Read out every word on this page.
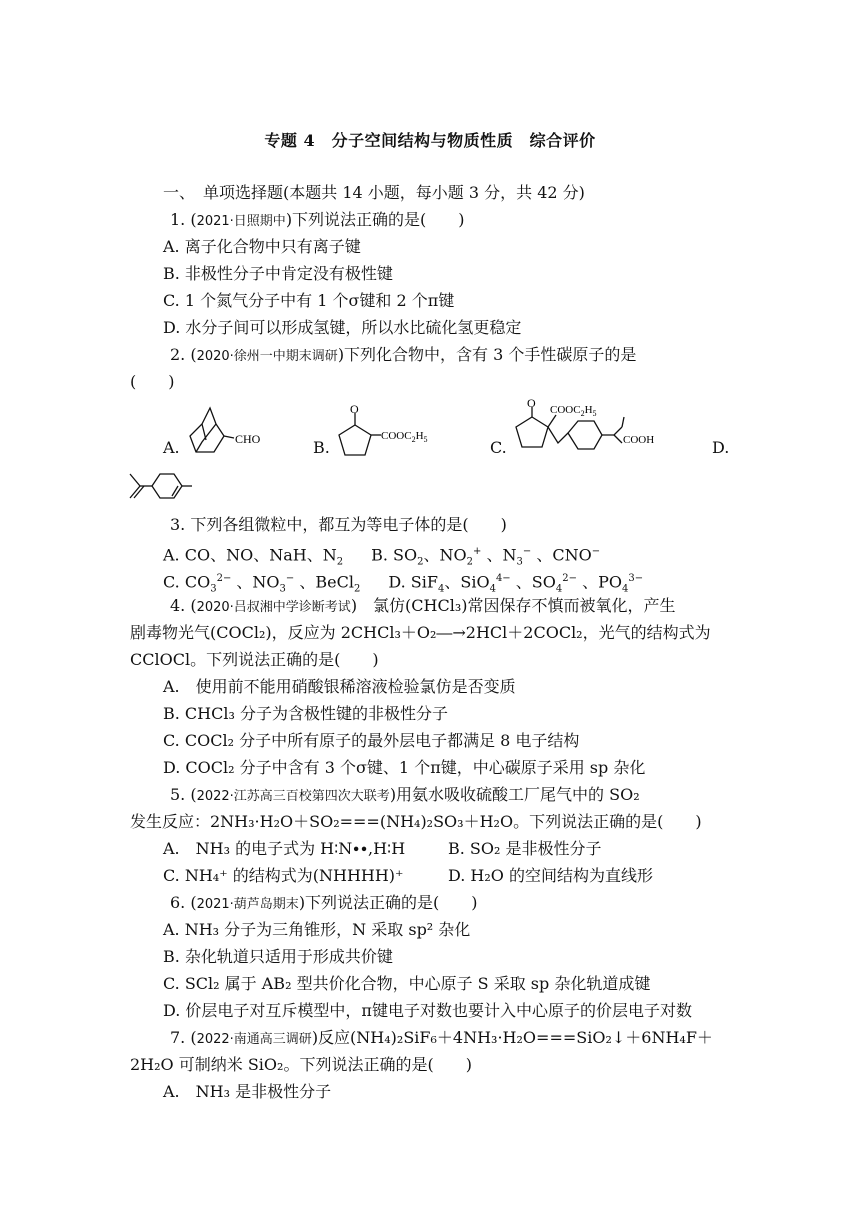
专题 4　分子空间结构与物质性质　综合评价
一、　单项选择题(本题共 14 小题，每小题 3 分，共 42 分)
1. (2021·日照期中)下列说法正确的是(　　)
A. 离子化合物中只有离子键
B. 非极性分子中肯定没有极性键
C. 1 个氮气分子中有 1 个σ键和 2 个π键
D. 水分子间可以形成氢键，所以水比硫化氢更稳定
2. (2020·徐州一中期末调研)下列化合物中，含有 3 个手性碳原子的是
(　　)
A.	CHO	B.
O
$COOC_2H_5$	C.
O $COOC_2H_5$
COOH	D.
3. 下列各组微粒中，都互为等电子体的是(　　)
A. CO、NO、NaH、$N_2$ B. $SO_2$、$NO_2^+$ 、$N_3^-$ 、CNO−
C. $CO_3^{2-}$ 、$NO_3^-$ 、BeCl$_2$ D. SiF$_4$、SiO$_4^{4-}$ 、$SO_4^{2-}$ 、$PO_4^{3-}$
4. (2020·吕叔湘中学诊断考试)　氯仿(CHCl₃)常因保存不慎而被氧化，产生
剧毒物光气(COCl₂)，反应为 2CHCl₃＋O₂―→2HCl＋2COCl₂，光气的结构式为
CClOCl。下列说法正确的是(　　)
A.　使用前不能用硝酸银稀溶液检验氯仿是否变质
B. CHCl₃ 分子为含极性键的非极性分子
C. COCl₂ 分子中所有原子的最外层电子都满足 8 电子结构
D. COCl₂ 分子中含有 3 个σ键、1 个π键，中心碳原子采用 sp 杂化
5. (2022·江苏高三百校第四次大联考)用氨水吸收硫酸工厂尾气中的 SO₂
发生反应：2NH₃·H₂O＋SO₂===(NH₄)₂SO₃＋H₂O。下列说法正确的是(　　)
A.　NH₃ 的电子式为 H∶N∙∙,H∶H	B. SO₂ 是非极性分子
C. NH₄⁺ 的结构式为(NHHHH)⁺	D. H₂O 的空间结构为直线形
6. (2021·葫芦岛期末)下列说法正确的是(　　)
A. NH₃ 分子为三角锥形，N 采取 sp² 杂化
B. 杂化轨道只适用于形成共价键
C. SCl₂ 属于 AB₂ 型共价化合物，中心原子 S 采取 sp 杂化轨道成键
D. 价层电子对互斥模型中，π键电子对数也要计入中心原子的价层电子对数
7. (2022·南通高三调研)反应(NH₄)₂SiF₆＋4NH₃·H₂O===SiO₂↓＋6NH₄F＋
2H₂O 可制纳米 SiO₂。下列说法正确的是(　　)
A.　NH₃ 是非极性分子
